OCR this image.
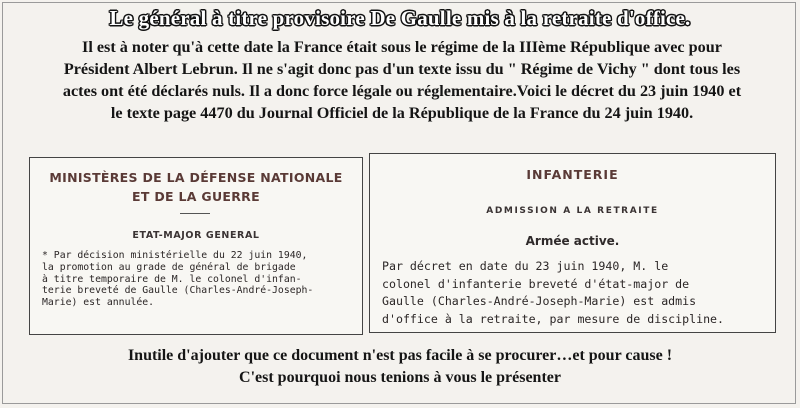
Le général à titre provisoire De Gaulle mis à la retraite d'office.
Il est à noter qu'à cette date la France était sous le régime de la IIIème République avec pour
Président Albert Lebrun. Il ne s'agit donc pas d'un texte issu du " Régime de Vichy " dont tous les
actes ont été déclarés nuls. Il a donc force légale ou réglementaire.Voici le décret du 23 juin 1940 et
le texte page 4470 du Journal Officiel de la République de la France du 24 juin 1940.
MINISTÈRES DE LA DÉFENSE NATIONALE
ET DE LA GUERRE
ETAT-MAJOR GENERAL
* Par décision ministérielle du 22 juin 1940,
la promotion au grade de général de brigade
à titre temporaire de M. le colonel d'infan-
terie breveté de Gaulle (Charles-André-Joseph-
Marie) est annulée.
INFANTERIE
ADMISSION A LA RETRAITE
Armée active.
Par décret en date du 23 juin 1940, M. le
colonel d'infanterie breveté d'état-major de
Gaulle (Charles-André-Joseph-Marie) est admis
d'office à la retraite, par mesure de discipline.
Inutile d'ajouter que ce document n'est pas facile à se procurer…et pour cause !
C'est pourquoi nous tenions à vous le présenter
